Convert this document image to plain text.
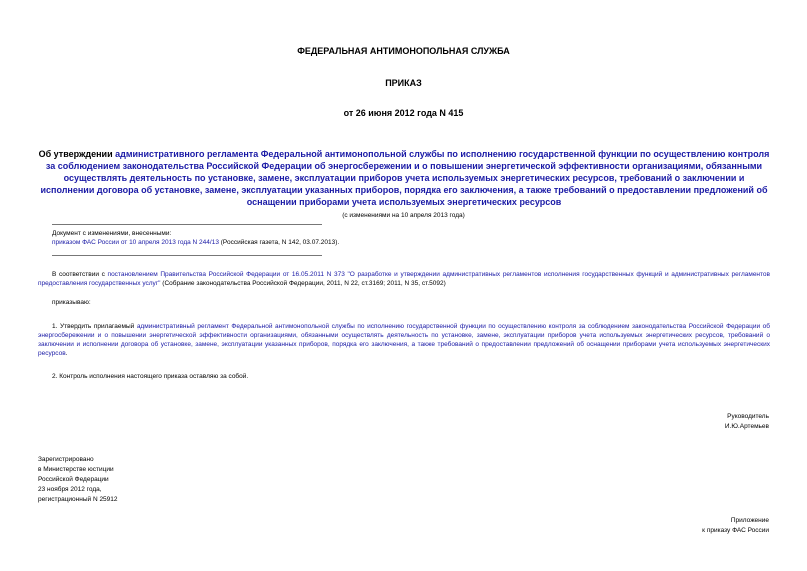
ФЕДЕРАЛЬНАЯ АНТИМОНОПОЛЬНАЯ СЛУЖБА
ПРИКАЗ
от 26 июня 2012 года N 415
Об утверждении административного регламента Федеральной антимонопольной службы по исполнению государственной функции по осуществлению контроля за соблюдением законодательства Российской Федерации об энергосбережении и о повышении энергетической эффективности организациями, обязанными осуществлять деятельность по установке, замене, эксплуатации приборов учета используемых энергетических ресурсов, требований о заключении и исполнении договора об установке, замене, эксплуатации указанных приборов, порядка его заключения, а также требований о предоставлении предложений об оснащении приборами учета используемых энергетических ресурсов
(с изменениями на 10 апреля 2013 года)
Документ с изменениями, внесенными:
приказом ФАС России от 10 апреля 2013 года N 244/13 (Российская газета, N 142, 03.07.2013).
В соответствии с постановлением Правительства Российской Федерации от 16.05.2011 N 373 "О разработке и утверждении административных регламентов исполнения государственных функций и административных регламентов предоставления государственных услуг" (Собрание законодательства Российской Федерации, 2011, N 22, ст.3169; 2011, N 35, ст.5092)
приказываю:
1. Утвердить прилагаемый административный регламент Федеральной антимонопольной службы по исполнению государственной функции по осуществлению контроля за соблюдением законодательства Российской Федерации об энергосбережении и о повышении энергетической эффективности организациями, обязанными осуществлять деятельность по установке, замене, эксплуатации приборов учета используемых энергетических ресурсов, требований о заключении и исполнении договора об установке, замене, эксплуатации указанных приборов, порядка его заключения, а также требований о предоставлении предложений об оснащении приборами учета используемых энергетических ресурсов.
2. Контроль исполнения настоящего приказа оставляю за собой.
Руководитель
И.Ю.Артемьев
Зарегистрировано
в Министерстве юстиции
Российской Федерации
23 ноября 2012 года,
регистрационный N 25912
Приложение
к приказу ФАС России
